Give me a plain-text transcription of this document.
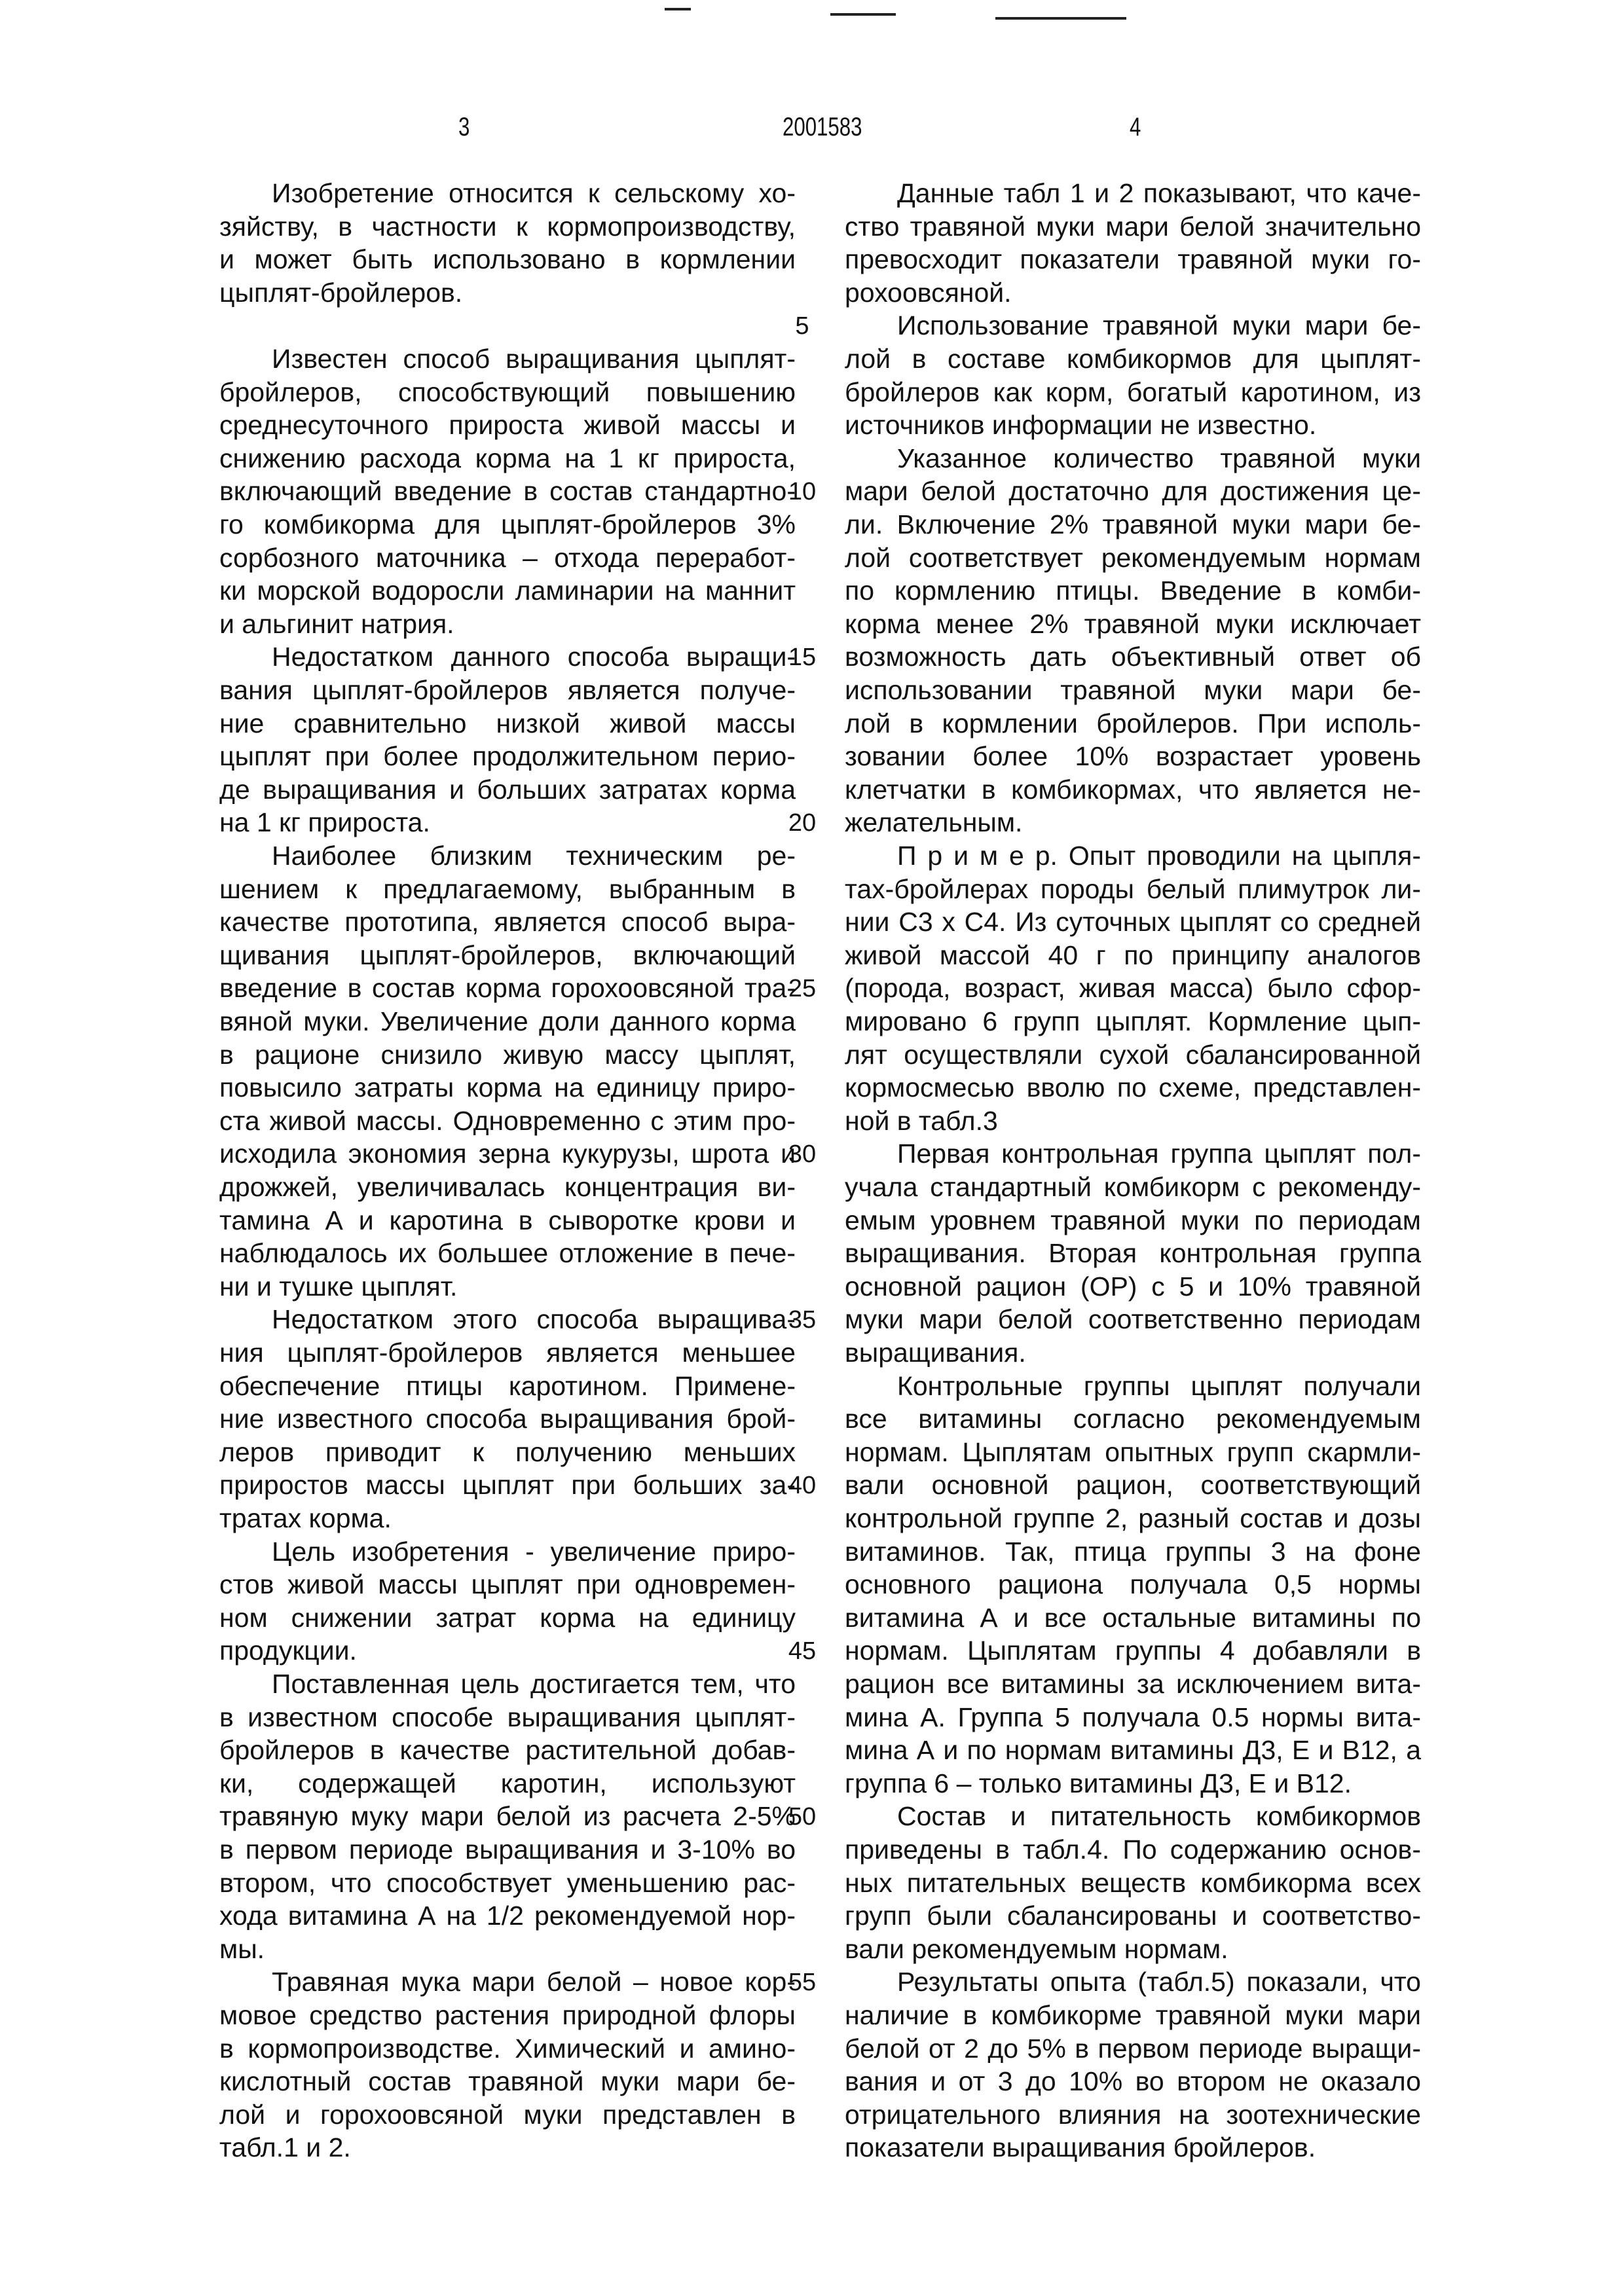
3	2001583	4
Изобретение относится к сельскому хо-
зяйству, в частности к кормопроизводству,
и может быть использовано в кормлении
цыплят-бройлеров.
Известен способ выращивания цыплят-
бройлеров, способствующий повышению
среднесуточного прироста живой массы и
снижению расхода корма на 1 кг прироста,
включающий введение в состав стандартно-
го комбикорма для цыплят-бройлеров 3%
сорбозного маточника – отхода переработ-
ки морской водоросли ламинарии на маннит
и альгинит натрия.
Недостатком данного способа выращи-
вания цыплят-бройлеров является получе-
ние сравнительно низкой живой массы
цыплят при более продолжительном перио-
де выращивания и больших затратах корма
на 1 кг прироста.
Наиболее близким техническим ре-
шением к предлагаемому, выбранным в
качестве прототипа, является способ выра-
щивания цыплят-бройлеров, включающий
введение в состав корма горохоовсяной тра-
вяной муки. Увеличение доли данного корма
в рационе снизило живую массу цыплят,
повысило затраты корма на единицу приро-
ста живой массы. Одновременно с этим про-
исходила экономия зерна кукурузы, шрота и
дрожжей, увеличивалась концентрация ви-
тамина А и каротина в сыворотке крови и
наблюдалось их большее отложение в пече-
ни и тушке цыплят.
Недостатком этого способа выращива-
ния цыплят-бройлеров является меньшее
обеспечение птицы каротином. Примене-
ние известного способа выращивания брой-
леров приводит к получению меньших
приростов массы цыплят при больших за-
тратах корма.
Цель изобретения - увеличение приро-
стов живой массы цыплят при одновремен-
ном снижении затрат корма на единицу
продукции.
Поставленная цель достигается тем, что
в известном способе выращивания цыплят-
бройлеров в качестве растительной добав-
ки, содержащей каротин, используют
травяную муку мари белой из расчета 2-5%
в первом периоде выращивания и 3-10% во
втором, что способствует уменьшению рас-
хода витамина А на 1/2 рекомендуемой нор-
мы.
Травяная мука мари белой – новое кор-
мовое средство растения природной флоры
в кормопроизводстве. Химический и амино-
кислотный состав травяной муки мари бе-
лой и горохоовсяной муки представлен в
табл.1 и 2.
Данные табл 1 и 2 показывают, что каче-
ство травяной муки мари белой значительно
превосходит показатели травяной муки го-
рохоовсяной.
Использование травяной муки мари бе-
лой в составе комбикормов для цыплят-
бройлеров как корм, богатый каротином, из
источников информации не известно.
Указанное количество травяной муки
мари белой достаточно для достижения це-
ли. Включение 2% травяной муки мари бе-
лой соответствует рекомендуемым нормам
по кормлению птицы. Введение в комби-
корма менее 2% травяной муки исключает
возможность дать объективный ответ об
использовании травяной муки мари бе-
лой в кормлении бройлеров. При исполь-
зовании более 10% возрастает уровень
клетчатки в комбикормах, что является не-
желательным.
П р и м е р. Опыт проводили на цыпля-
тах-бройлерах породы белый плимутрок ли-
нии С3 х С4. Из суточных цыплят со средней
живой массой 40 г по принципу аналогов
(порода, возраст, живая масса) было сфор-
мировано 6 групп цыплят. Кормление цып-
лят осуществляли сухой сбалансированной
кормосмесью вволю по схеме, представлен-
ной в табл.3
Первая контрольная группа цыплят пол-
учала стандартный комбикорм с рекоменду-
емым уровнем травяной муки по периодам
выращивания. Вторая контрольная группа
основной рацион (ОР) с 5 и 10% травяной
муки мари белой соответственно периодам
выращивания.
Контрольные группы цыплят получали
все витамины согласно рекомендуемым
нормам. Цыплятам опытных групп скармли-
вали основной рацион, соответствующий
контрольной группе 2, разный состав и дозы
витаминов. Так, птица группы 3 на фоне
основного рациона получала 0,5 нормы
витамина А и все остальные витамины по
нормам. Цыплятам группы 4 добавляли в
рацион все витамины за исключением вита-
мина А. Группа 5 получала 0.5 нормы вита-
мина А и по нормам витамины Д3, Е и В12, а
группа 6 – только витамины Д3, Е и В12.
Состав и питательность комбикормов
приведены в табл.4. По содержанию основ-
ных питательных веществ комбикорма всех
групп были сбалансированы и соответство-
вали рекомендуемым нормам.
Результаты опыта (табл.5) показали, что
наличие в комбикорме травяной муки мари
белой от 2 до 5% в первом периоде выращи-
вания и от 3 до 10% во втором не оказало
отрицательного влияния на зоотехнические
показатели выращивания бройлеров.
5
10
15
20
25
30
35
40
45
50
55
